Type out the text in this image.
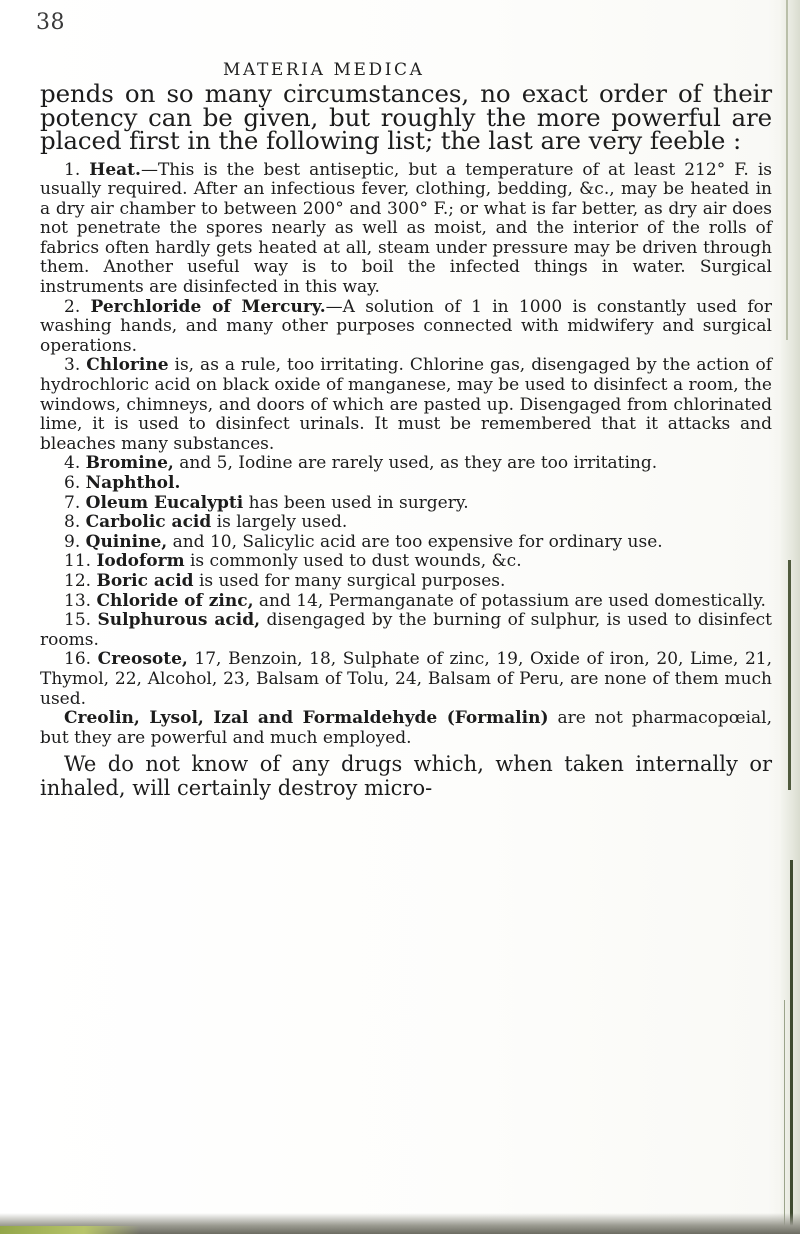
38
MATERIA MEDICA

pends on so many circumstances, no exact order of their potency can be given, but roughly the more powerful are placed first in the following list; the last are very feeble :

1. Heat.—This is the best antiseptic, but a temperature of at least 212° F. is usually required. After an infectious fever, clothing, bedding, &c., may be heated in a dry air chamber to between 200° and 300° F.; or what is far better, as dry air does not penetrate the spores nearly as well as moist, and the interior of the rolls of fabrics often hardly gets heated at all, steam under pressure may be driven through them. Another useful way is to boil the infected things in water. Surgical instruments are disinfected in this way.

2. Perchloride of Mercury.—A solution of 1 in 1000 is constantly used for washing hands, and many other purposes connected with midwifery and surgical operations.

3. Chlorine is, as a rule, too irritating. Chlorine gas, disengaged by the action of hydrochloric acid on black oxide of manganese, may be used to disinfect a room, the windows, chimneys, and doors of which are pasted up. Disengaged from chlorinated lime, it is used to disinfect urinals. It must be remembered that it attacks and bleaches many substances.

4. Bromine, and 5, Iodine are rarely used, as they are too irritating.

6. Naphthol.

7. Oleum Eucalypti has been used in surgery.

8. Carbolic acid is largely used.

9. Quinine, and 10, Salicylic acid are too expensive for ordinary use.

11. Iodoform is commonly used to dust wounds, &c.

12. Boric acid is used for many surgical purposes.

13. Chloride of zinc, and 14, Permanganate of potassium are used domestically.

15. Sulphurous acid, disengaged by the burning of sulphur, is used to disinfect rooms.

16. Creosote, 17, Benzoin, 18, Sulphate of zinc, 19, Oxide of iron, 20, Lime, 21, Thymol, 22, Alcohol, 23, Balsam of Tolu, 24, Balsam of Peru, are none of them much used.

Creolin, Lysol, Izal and Formaldehyde (Formalin) are not pharmacopœial, but they are powerful and much employed.

We do not know of any drugs which, when taken internally or inhaled, will certainly destroy micro-
